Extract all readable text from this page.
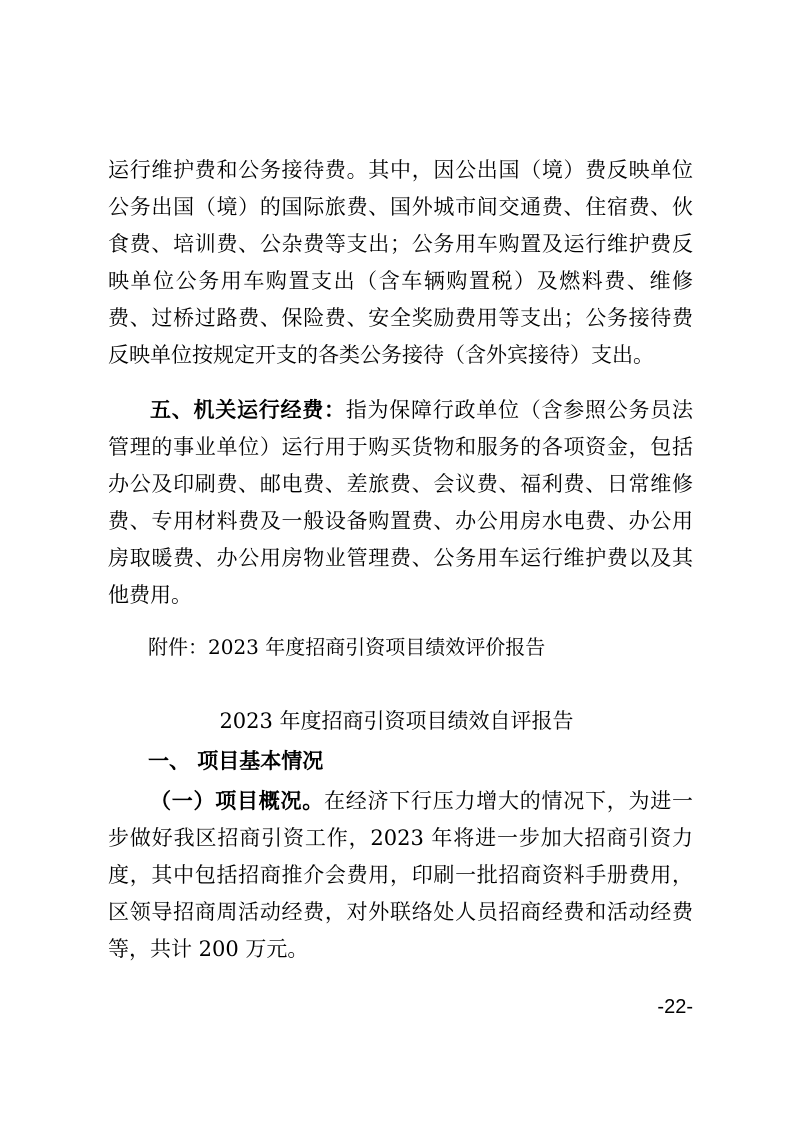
运行维护费和公务接待费。其中，因公出国（境）费反映单位公务出国（境）的国际旅费、国外城市间交通费、住宿费、伙食费、培训费、公杂费等支出；公务用车购置及运行维护费反映单位公务用车购置支出（含车辆购置税）及燃料费、维修费、过桥过路费、保险费、安全奖励费用等支出；公务接待费反映单位按规定开支的各类公务接待（含外宾接待）支出。

五、机关运行经费：指为保障行政单位（含参照公务员法管理的事业单位）运行用于购买货物和服务的各项资金，包括办公及印刷费、邮电费、差旅费、会议费、福利费、日常维修费、专用材料费及一般设备购置费、办公用房水电费、办公用房取暖费、办公用房物业管理费、公务用车运行维护费以及其他费用。

附件：2023 年度招商引资项目绩效评价报告

2023 年度招商引资项目绩效自评报告

一、 项目基本情况

（一）项目概况。在经济下行压力增大的情况下，为进一步做好我区招商引资工作，2023 年将进一步加大招商引资力度，其中包括招商推介会费用，印刷一批招商资料手册费用，区领导招商周活动经费，对外联络处人员招商经费和活动经费等，共计 200 万元。

-22-
